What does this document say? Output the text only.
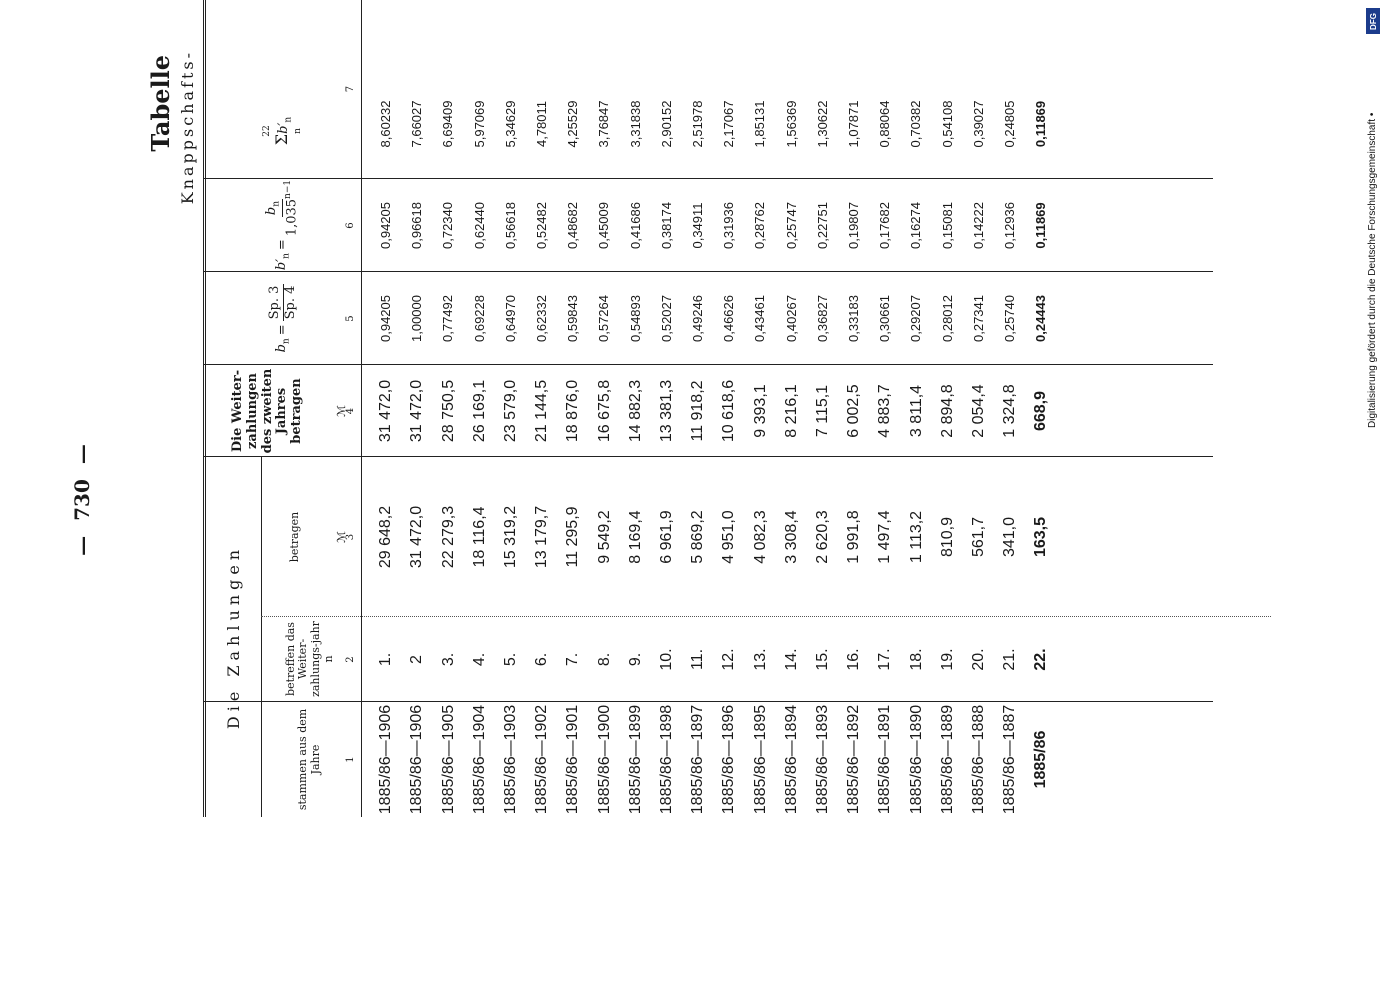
— 730 —
Tabelle Knappschafts-
Die Zahlungen
stammen aus dem Jahre
betreffen das Weiter-zahlungs-jahr n
betragen	ℳ
Die Weiter-zahlungen des zweiten Jahres betragen	ℳ
$b_n$
=
Sp. 3 Sp. 4
$b'_n$
=
$b_n$ $1,035^{n-1}$
22
$\Sigma b'_n$
n
1
2
3
4
5
6
7
1885/86—1906
1.
29 648,2
31 472,0
0,94205
0,94205
8,60232
1885/86—1906
2
31 472,0
31 472,0
1,00000
0,96618
7,66027
1885/86—1905
3.
22 279,3
28 750,5
0,77492
0,72340
6,69409
1885/86—1904
4.
18 116,4
26 169,1
0,69228
0,62440
5,97069
1885/86—1903
5.
15 319,2
23 579,0
0,64970
0,56618
5,34629
1885/86—1902
6.
13 179,7
21 144,5
0,62332
0,52482
4,78011
1885/86—1901
7.
11 295,9
18 876,0
0,59843
0,48682
4,25529
1885/86—1900
8.
9 549,2
16 675,8
0,57264
0,45009
3,76847
1885/86—1899
9.
8 169,4
14 882,3
0,54893
0,41686
3,31838
1885/86—1898
10.
6 961,9
13 381,3
0,52027
0,38174
2,90152
1885/86—1897
11.
5 869,2
11 918,2
0,49246
0,34911
2,51978
1885/86—1896
12.
4 951,0
10 618,6
0,46626
0,31936
2,17067
1885/86—1895
13.
4 082,3
9 393,1
0,43461
0,28762
1,85131
1885/86—1894
14.
3 308,4
8 216,1
0,40267
0,25747
1,56369
1885/86—1893
15.
2 620,3
7 115,1
0,36827
0,22751
1,30622
1885/86—1892
16.
1 991,8
6 002,5
0,33183
0,19807
1,07871
1885/86—1891
17.
1 497,4
4 883,7
0,30661
0,17682
0,88064
1885/86—1890
18.
1 113,2
3 811,4
0,29207
0,16274
0,70382
1885/86—1889
19.
810,9
2 894,8
0,28012
0,15081
0,54108
1885/86—1888
20.
561,7
2 054,4
0,27341
0,14222
0,39027
1885/86—1887
21.
341,0
1 324,8
0,25740
0,12936
0,24805
1885/86
22.
163,5
668,9
0,24443
0,11869
0,11869
DFG
Digitalisierung gefördert durch die Deutsche Forschungsgemeinschaft •
